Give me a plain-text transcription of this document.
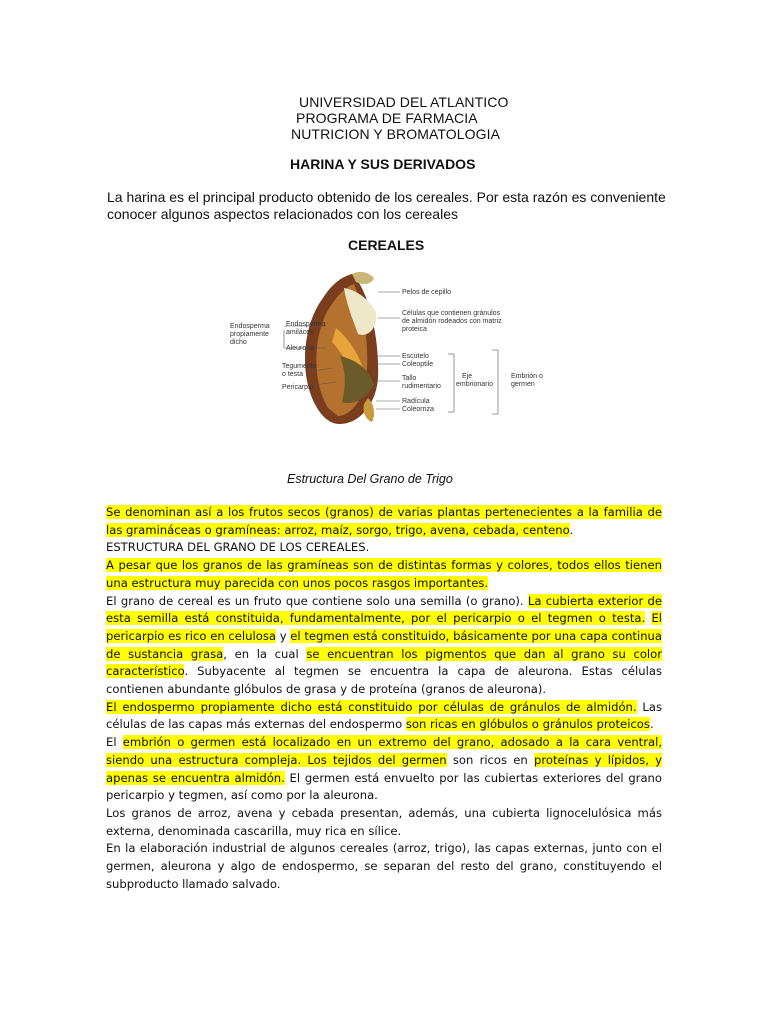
UNIVERSIDAD DEL ATLANTICO
PROGRAMA DE FARMACIA
NUTRICION Y BROMATOLOGIA
HARINA Y SUS DERIVADOS
La harina es el principal producto obtenido de los cereales. Por esta razón es conveniente conocer algunos aspectos relacionados con los cereales
CEREALES
Pelos de cepillo
Células que contienen gránulos
de almidón rodeados con matriz
proteica
Endosperma
propiamente
dicho
Endosperma
amiláceo
Aleurona
Tegumento
o testa
Pericarpio
Escutelo
Coleoptile
Tallo
rudimentario
Radícula
Coleorriza
Eje
embrionario
Embrión o
germen
Estructura Del Grano de Trigo

Se denominan así a los frutos secos (granos) de varias plantas pertenecientes a la familia de las gramináceas o gramíneas: arroz, maíz, sorgo, trigo, avena, cebada, centeno.

ESTRUCTURA DEL GRANO DE LOS CEREALES.

A pesar que los granos de las gramíneas son de distintas formas y colores, todos ellos tienen una estructura muy parecida con unos pocos rasgos importantes.

El grano de cereal es un fruto que contiene solo una semilla (o grano). La cubierta exterior de esta semilla está constituida, fundamentalmente, por el pericarpio o el tegmen o testa. El pericarpio es rico en celulosa y el tegmen está constituido, básicamente por una capa continua de sustancia grasa, en la cual se encuentran los pigmentos que dan al grano su color característico. Subyacente al tegmen se encuentra la capa de aleurona. Estas células contienen abundante glóbulos de grasa y de proteína (granos de aleurona).

El endospermo propiamente dicho está constituido por células de gránulos de almidón. Las células de las capas más externas del endospermo son ricas en glóbulos o gránulos proteicos.

El embrión o germen está localizado en un extremo del grano, adosado a la cara ventral, siendo una estructura compleja. Los tejidos del germen son ricos en proteínas y lípidos, y apenas se encuentra almidón. El germen está envuelto por las cubiertas exteriores del grano pericarpio y tegmen, así como por la aleurona.

Los granos de arroz, avena y cebada presentan, además, una cubierta lignocelulósica más externa, denominada cascarilla, muy rica en sílice.

En la elaboración industrial de algunos cereales (arroz, trigo), las capas externas, junto con el germen, aleurona y algo de endospermo, se separan del resto del grano, constituyendo el subproducto llamado salvado.
